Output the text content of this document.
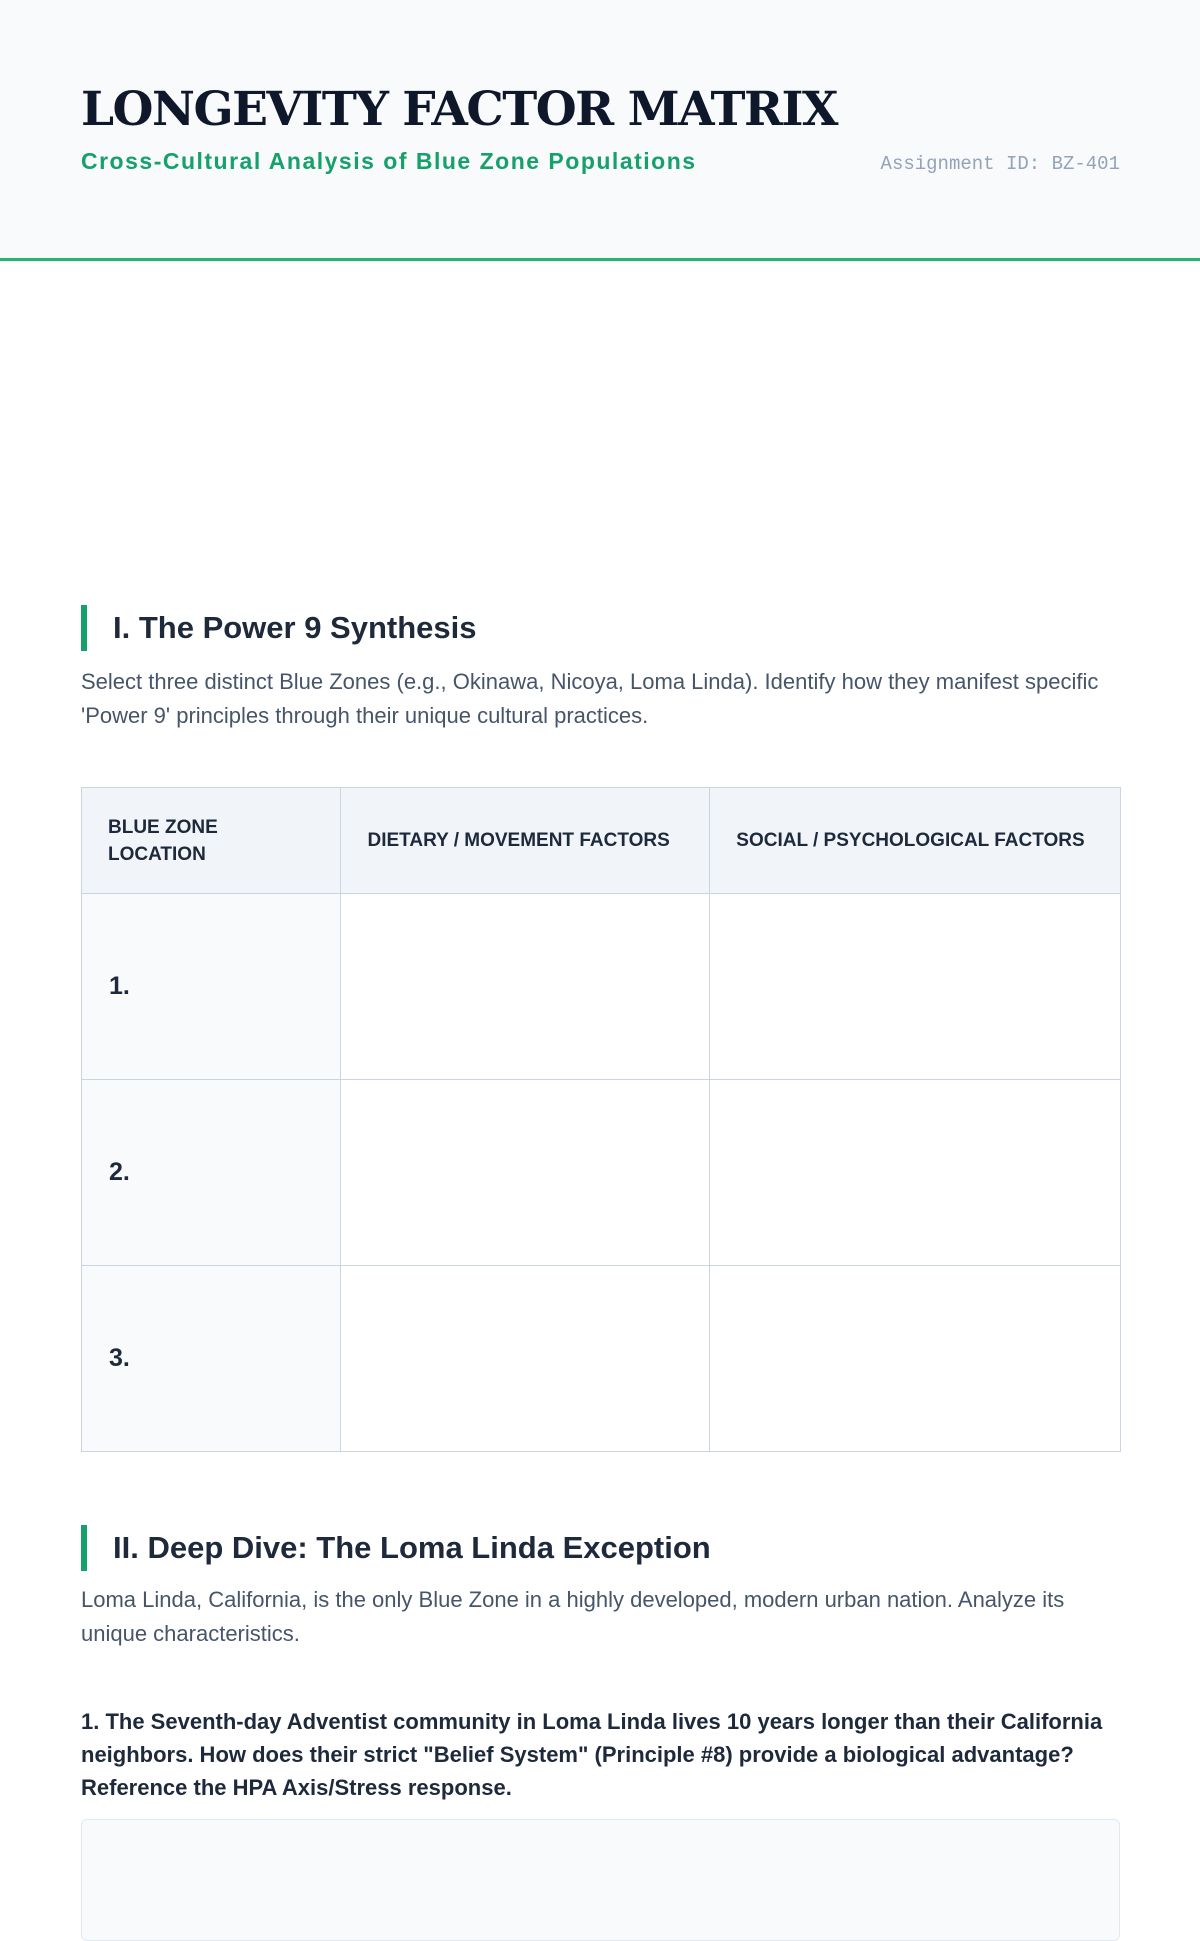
LONGEVITY FACTOR MATRIX
Cross-Cultural Analysis of Blue Zone Populations	Assignment ID: BZ-401
I. The Power 9 Synthesis

Select three distinct Blue Zones (e.g., Okinawa, Nicoya, Loma Linda). Identify how they manifest specific 'Power 9' principles through their unique cultural practices.

BLUE ZONE LOCATION	DIETARY / MOVEMENT FACTORS	SOCIAL / PSYCHOLOGICAL FACTORS
1.		
2.		
3.		
II. Deep Dive: The Loma Linda Exception

Loma Linda, California, is the only Blue Zone in a highly developed, modern urban nation. Analyze its unique characteristics.

1. The Seventh-day Adventist community in Loma Linda lives 10 years longer than their California neighbors. How does their strict "Belief System" (Principle #8) provide a biological advantage? Reference the HPA Axis/Stress response.
